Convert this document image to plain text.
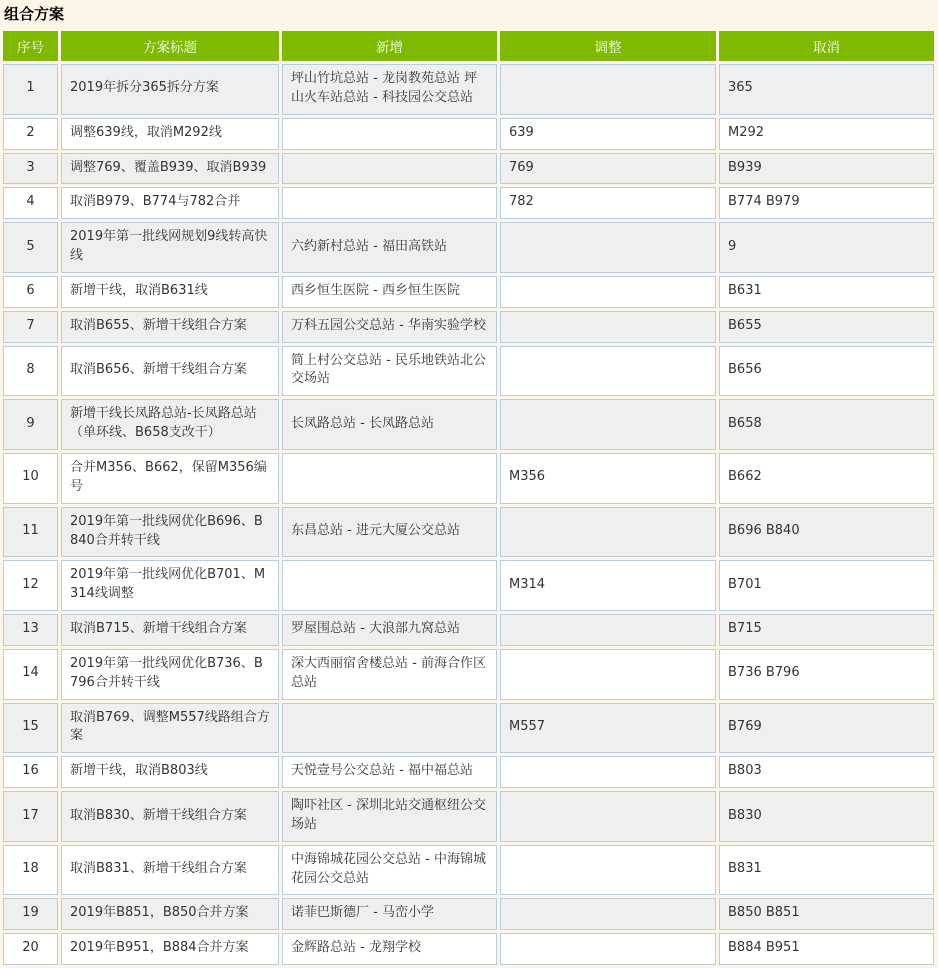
组合方案
序号	方案标题	新增	调整	取消
1	2019年拆分365拆分方案	坪山竹坑总站 - 龙岗教苑总站 坪山火车站总站 - 科技园公交总站		365
2	调整639线，取消M292线		639	M292
3	调整769、覆盖B939、取消B939		769	B939
4	取消B979、B774与782合并		782	B774 B979
5	2019年第一批线网规划9线转高快线	六约新村总站 - 福田高铁站		9
6	新增干线，取消B631线	西乡恒生医院 - 西乡恒生医院		B631
7	取消B655、新增干线组合方案	万科五园公交总站 - 华南实验学校		B655
8	取消B656、新增干线组合方案	简上村公交总站 - 民乐地铁站北公交场站		B656
9	新增干线长凤路总站-长凤路总站（单环线、B658支改干）	长凤路总站 - 长凤路总站		B658
10	合并M356、B662，保留M356编号		M356	B662
11	2019年第一批线网优化B696、B840合并转干线	东昌总站 - 进元大厦公交总站		B696 B840
12	2019年第一批线网优化B701、M314线调整		M314	B701
13	取消B715、新增干线组合方案	罗屋围总站 - 大浪部九窝总站		B715
14	2019年第一批线网优化B736、B796合并转干线	深大西丽宿舍楼总站 - 前海合作区总站		B736 B796
15	取消B769、调整M557线路组合方案		M557	B769
16	新增干线，取消B803线	天悦壹号公交总站 - 福中福总站		B803
17	取消B830、新增干线组合方案	陶吓社区 - 深圳北站交通枢纽公交场站		B830
18	取消B831、新增干线组合方案	中海锦城花园公交总站 - 中海锦城花园公交总站		B831
19	2019年B851，B850合并方案	诺菲巴斯德厂 - 马峦小学		B850 B851
20	2019年B951，B884合并方案	金辉路总站 - 龙翔学校		B884 B951
